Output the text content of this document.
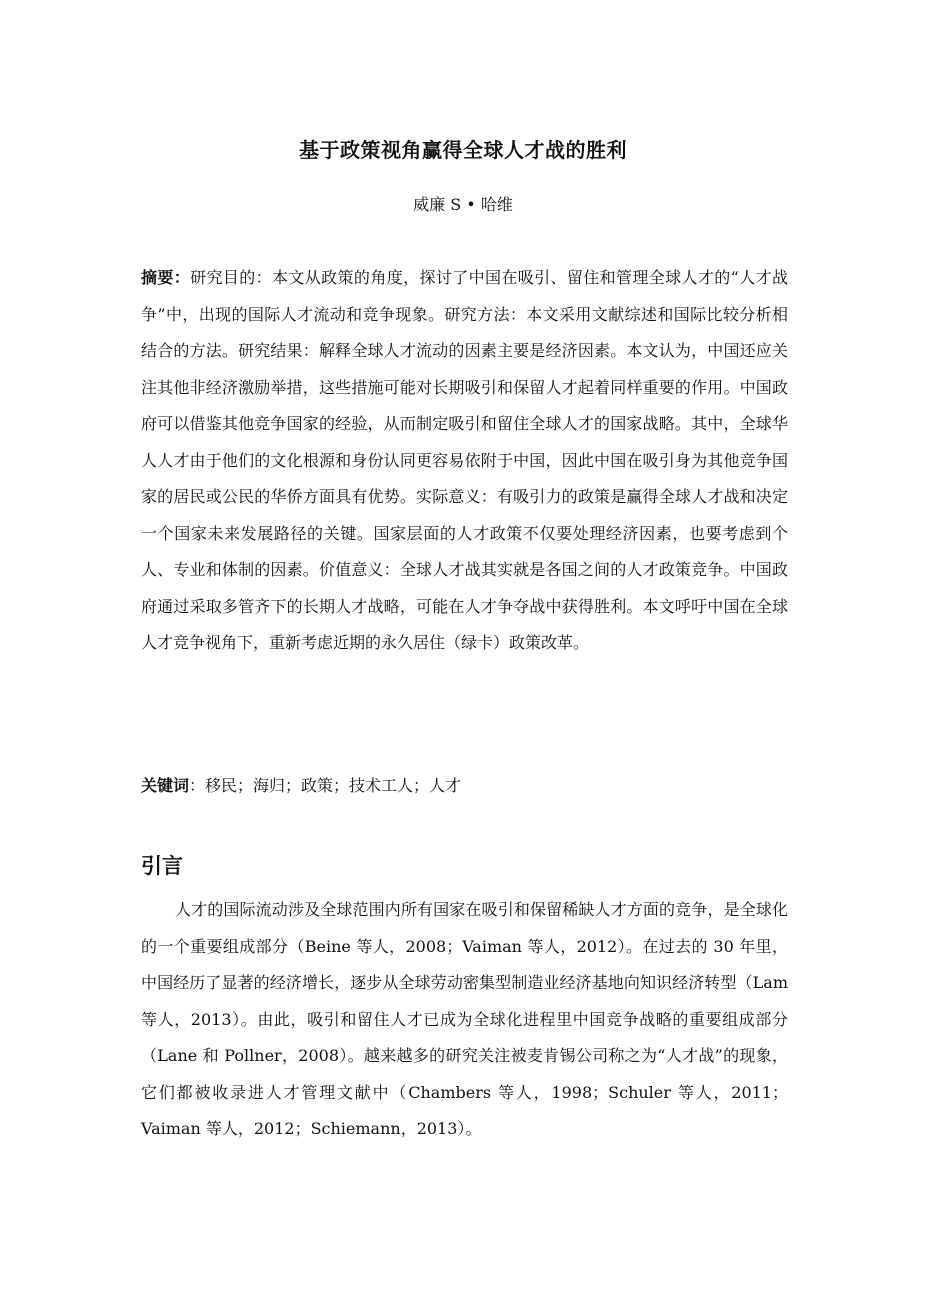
基于政策视角赢得全球人才战的胜利
威廉 S • 哈维
摘要：研究目的：本文从政策的角度，探讨了中国在吸引、留住和管理全球人才的“人才战争”中，出现的国际人才流动和竞争现象。研究方法：本文采用文献综述和国际比较分析相结合的方法。研究结果：解释全球人才流动的因素主要是经济因素。本文认为，中国还应关注其他非经济激励举措，这些措施可能对长期吸引和保留人才起着同样重要的作用。中国政府可以借鉴其他竞争国家的经验，从而制定吸引和留住全球人才的国家战略。其中，全球华人人才由于他们的文化根源和身份认同更容易依附于中国，因此中国在吸引身为其他竞争国家的居民或公民的华侨方面具有优势。实际意义：有吸引力的政策是赢得全球人才战和决定一个国家未来发展路径的关键。国家层面的人才政策不仅要处理经济因素，也要考虑到个人、专业和体制的因素。价值意义：全球人才战其实就是各国之间的人才政策竞争。中国政府通过采取多管齐下的长期人才战略，可能在人才争夺战中获得胜利。本文呼吁中国在全球人才竞争视角下，重新考虑近期的永久居住（绿卡）政策改革。
关键词：移民；海归；政策；技术工人；人才
引言
人才的国际流动涉及全球范围内所有国家在吸引和保留稀缺人才方面的竞争，是全球化的一个重要组成部分（Beine 等人，2008；Vaiman 等人，2012）。在过去的 30 年里，中国经历了显著的经济增长，逐步从全球劳动密集型制造业经济基地向知识经济转型（Lam 等人，2013）。由此，吸引和留住人才已成为全球化进程里中国竞争战略的重要组成部分（Lane 和 Pollner，2008）。越来越多的研究关注被麦肯锡公司称之为“人才战”的现象，它们都被收录进人才管理文献中（Chambers 等人，1998；Schuler 等人，2011；Vaiman 等人，2012；Schiemann，2013）。
